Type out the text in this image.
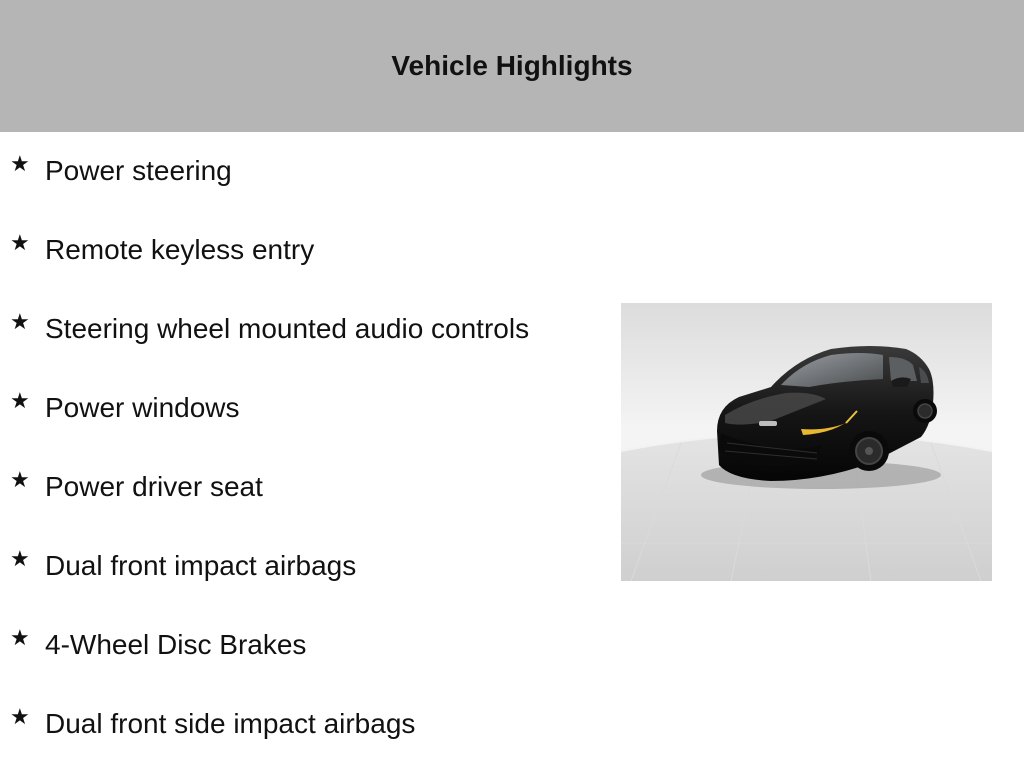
Vehicle Highlights
★ Power steering
★ Remote keyless entry
★ Steering wheel mounted audio controls
★ Power windows
★ Power driver seat
★ Dual front impact airbags
★ 4-Wheel Disc Brakes
★ Dual front side impact airbags
